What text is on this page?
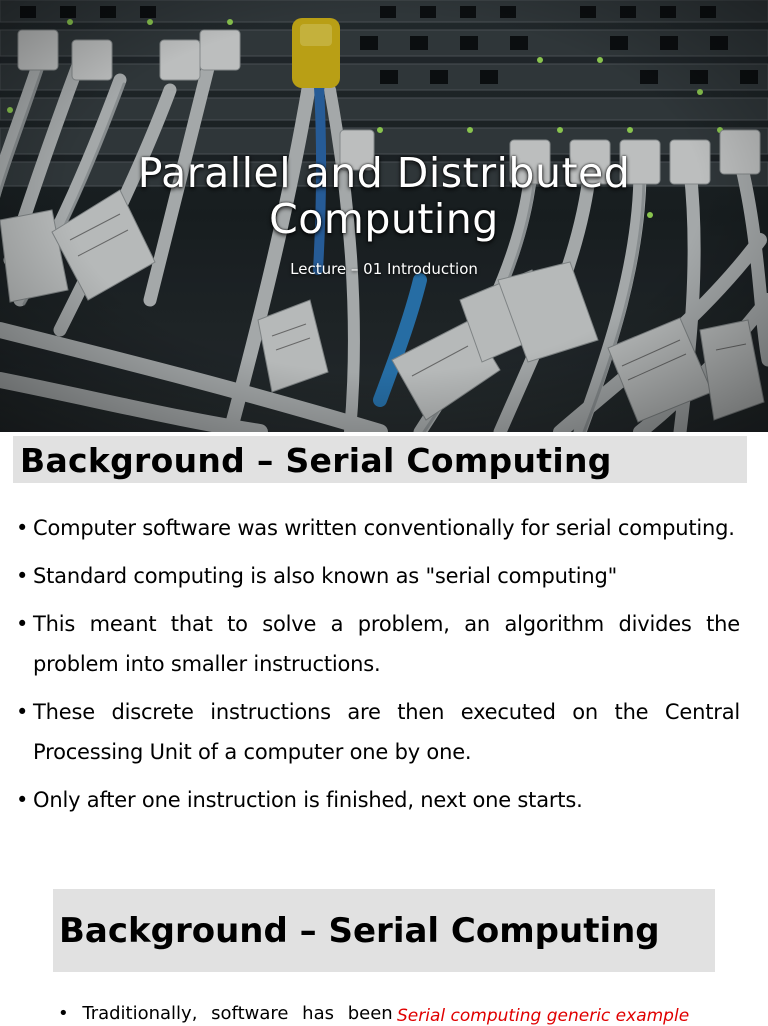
Parallel and Distributed
Computing
Lecture – 01 Introduction
Background – Serial Computing
• Computer software was written conventionally for serial computing.
• Standard computing is also known as "serial computing"
• This meant that to solve a problem, an algorithm divides the problem into smaller instructions.
• These discrete instructions are then executed on the Central Processing Unit of a computer one by one.
• Only after one instruction is finished, next one starts.
Background – Serial Computing
• Traditionally, software has been Serial computing generic example
